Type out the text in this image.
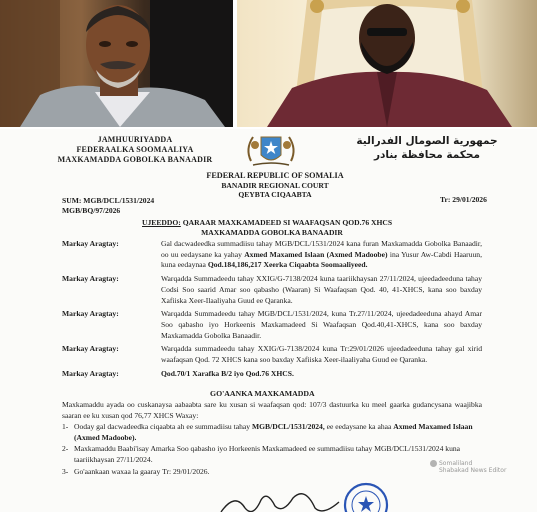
JAMHUURIYADDA
FEDERAALKA SOOMAALIYA
MAXKAMADDA GOBOLKA BANAADIR
جمهورية الصومال الفدرالية
محكمة محافظة بنادر
FEDERAL REPUBLIC OF SOMALIA
BANADIR REGIONAL COURT
QEYBTA CIQAABTA
SUM: MGB/DCL/1531/2024
MGB/BQ/97/2026
Tr: 29/01/2026
UJEEDDO: QARAAR MAXKAMADEED SI WAAFAQSAN QOD.76 XHCS
MAXKAMADDA GOBOLKA BANAADIR
Markay Aragtay:	Gal dacwadeedka summadiisu tahay MGB/DCL/1531/2024 kana furan Maxkamadda Gobolka Banaadir, oo uu eedaysane ka yahay Axmed Maxamed Islaan (Axmed Madoobe) ina Yusur Aw-Cabdi Haaruun, kuna eedaynaa Qod.184,186,217 Xeerka Ciqaabta Soomaaliyeed.
Markay Aragtay:	Warqadda Summadeedu tahay XXIG/G-7138/2024 kuna taariikhaysan 27/11/2024, ujeedadeeduna tahay Codsi Soo saarid Amar soo qabasho (Waaran) Si Waafaqsan Qod. 40, 41-XHCS, kana soo baxday Xafiiska Xeer-Ilaaliyaha Guud ee Qaranka.
Markay Aragtay:	Warqadda Summadeedu tahay MGB/DCL/1531/2024, kuna Tr.27/11/2024, ujeedadeeduna ahayd Amar Soo qabasho iyo Horkeenis Maxkamadeed Si Waafaqsan Qod.40,41-XHCS, kana soo baxday Maxkamadda Gobolka Banaadir.
Markay Aragtay:	Warqadda summadeedu tahay XXIG/G-7138/2024 kuna Tr:29/01/2026 ujeedadeeduna tahay gal xirid waafaqsan Qod. 72 XHCS kana soo baxday Xafiiska Xeer-ilaaliyaha Guud ee Qaranka.
Markay Aragtay:	Qod.70/1 Xarafka B/2 iyo Qod.76 XHCS.
GO'AANKA MAXKAMADDA
Maxkamaddu ayada oo cuskanaysa aabaabta sare ku xusan si waafaqsan qod: 107/3 dastuurka ku meel gaarka gudancysana waajibka saaran ee ku xusan qod 76,77 XHCS Waxay:
1- Ooday gal dacwadeedka ciqaabta ah ee summadiisu tahay MGB/DCL/1531/2024, ee eedaysane ka ahaa Axmed Maxamed Islaan (Axmed Madoobe).
2- Maxkamaddu Baabi'isay Amarka Soo qabasho iyo Horkeenis Maxkamadeed ee summadiisu tahay MGB/DCL/1531/2024 kuna taariikhaysan 27/11/2024.
3- Go'aankaan waxaa la gaaray Tr: 29/01/2026.
Somaliland
Shabakad News Editor
